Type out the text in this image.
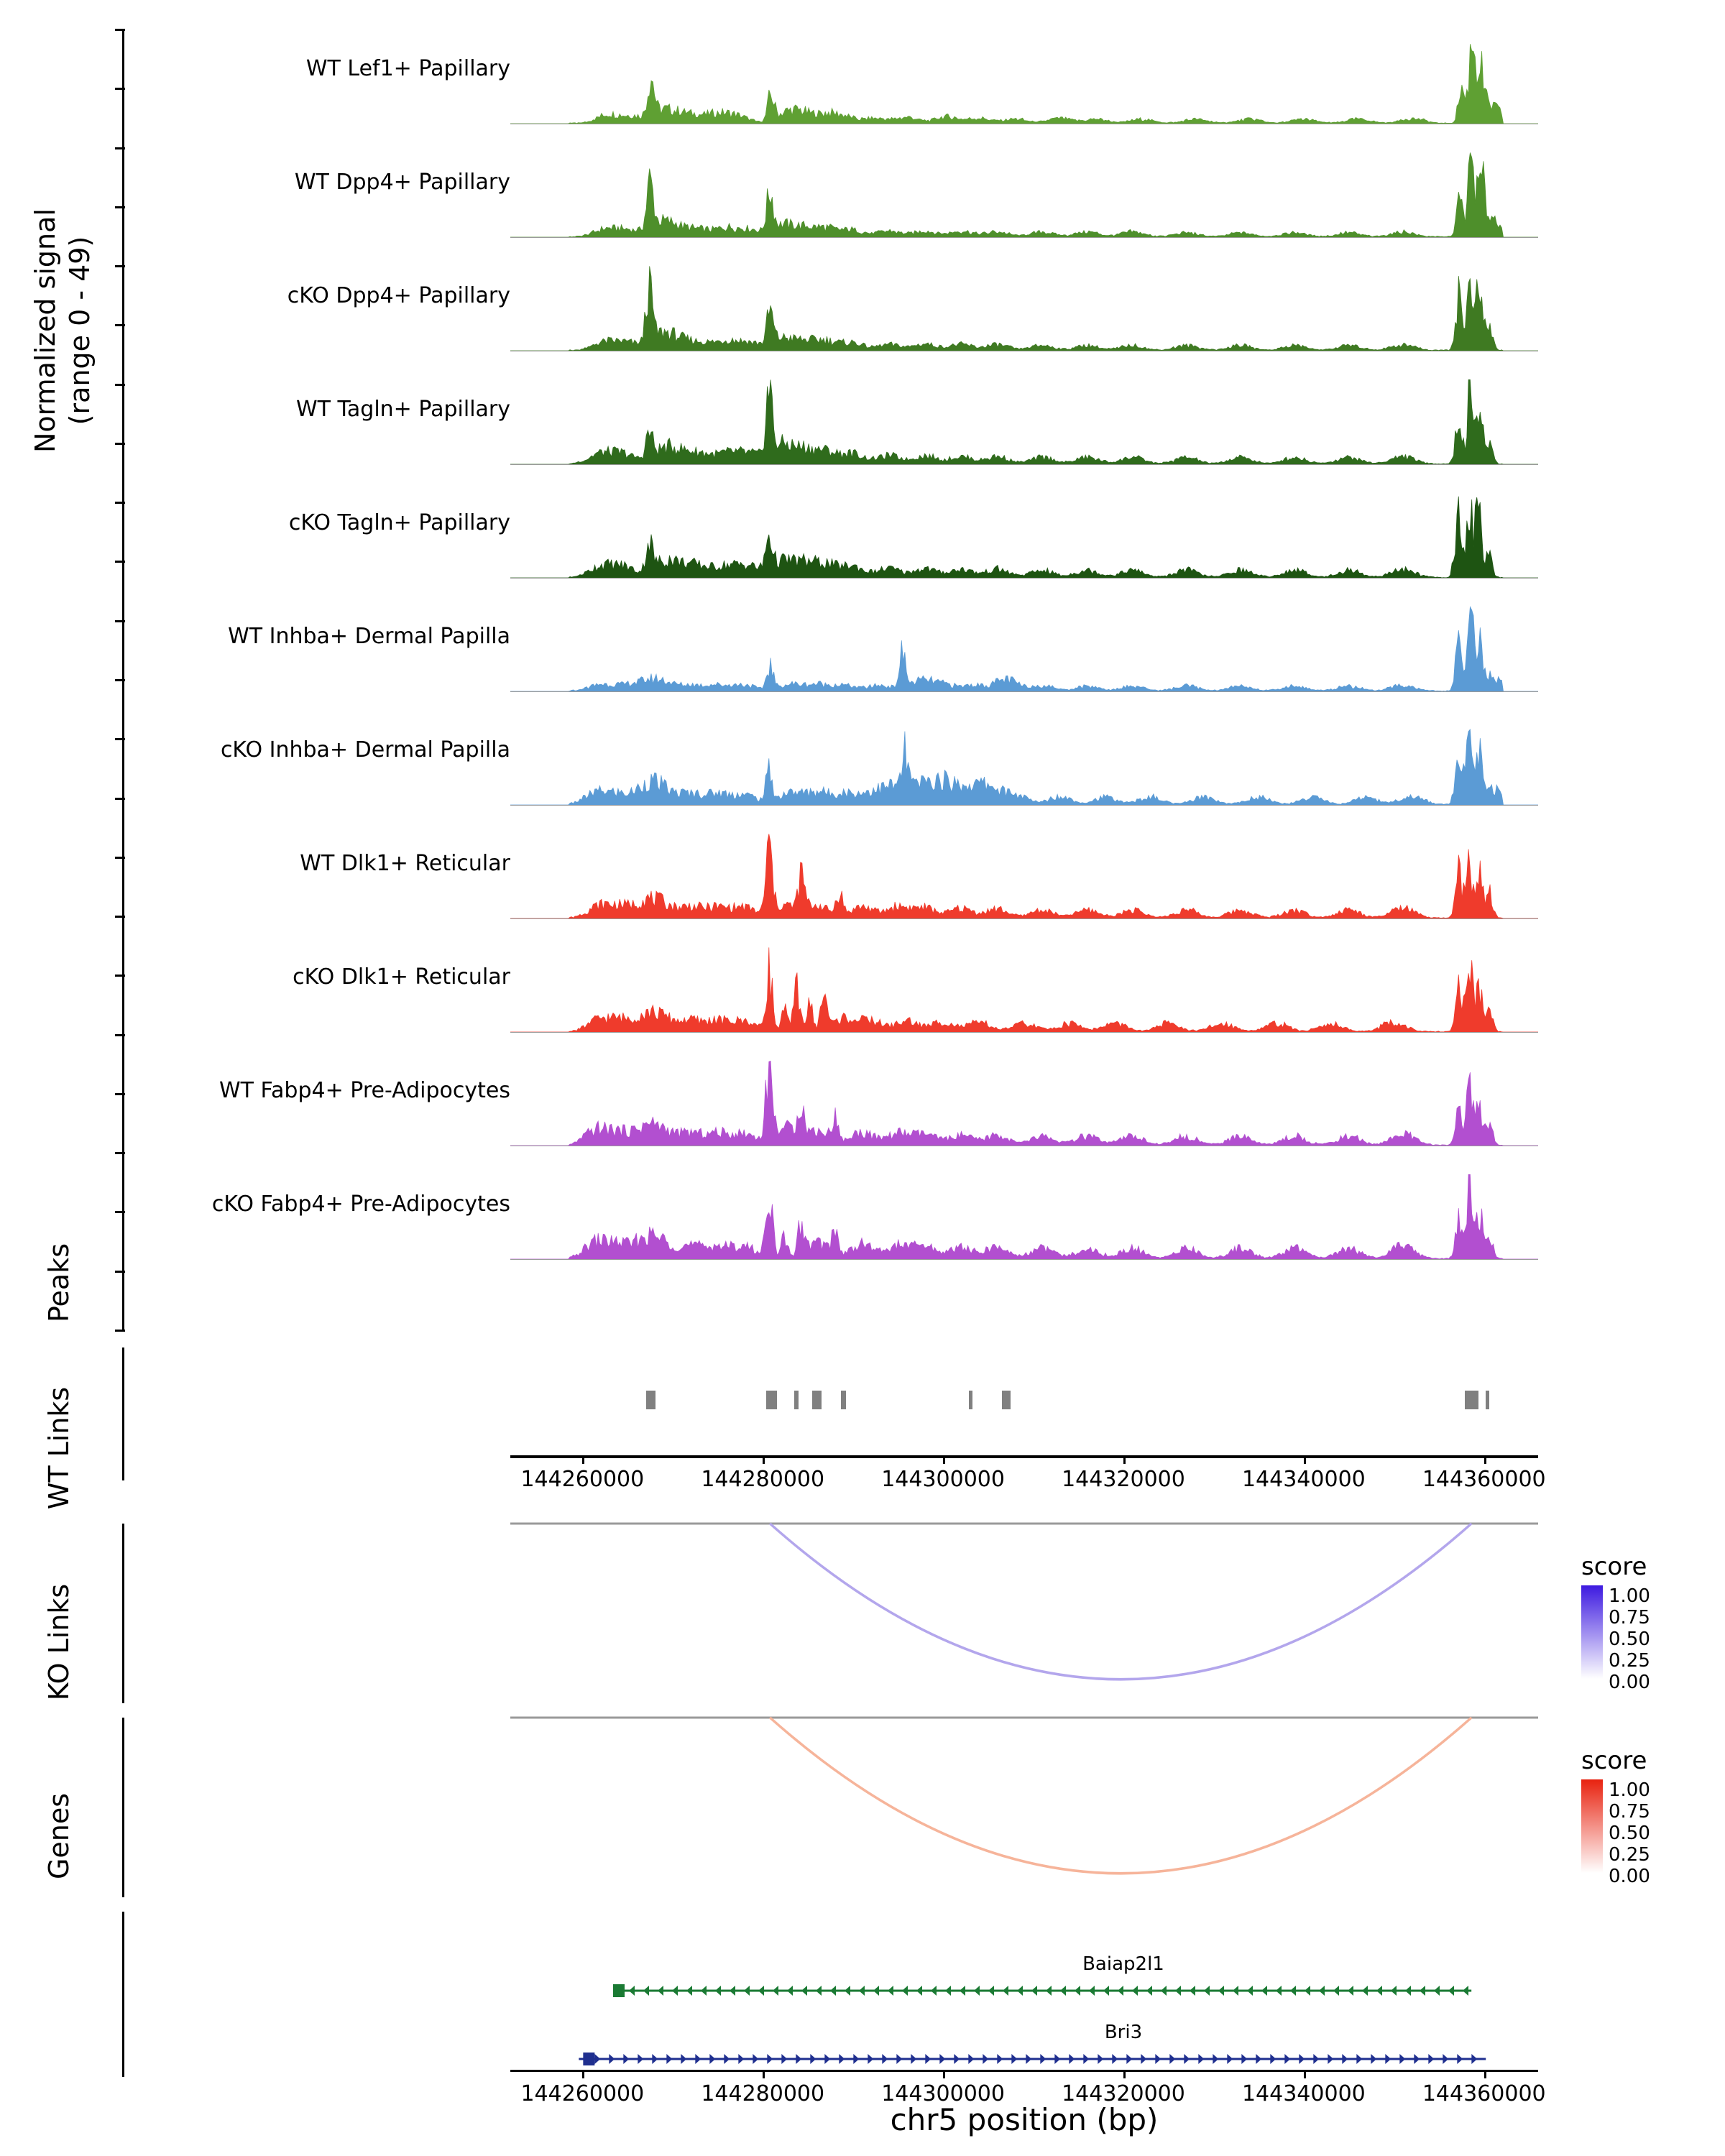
Normalized signal (range 0 - 49)
WT Lef1+ Papillary
WT Dpp4+ Papillary
cKO Dpp4+ Papillary
WT Tagln+ Papillary
cKO Tagln+ Papillary
WT Inhba+ Dermal Papilla
cKO Inhba+ Dermal Papilla
WT Dlk1+ Reticular
cKO Dlk1+ Reticular
WT Fabp4+ Pre-Adipocytes
cKO Fabp4+ Pre-Adipocytes
Peaks
144260000	144280000	144300000	144320000	144340000	144360000
WT Links
score
1.00
0.75
0.50
0.25
0.00
KO Links
score
1.00
0.75
0.50
0.25
0.00
Genes
Baiap2l1
Bri3
144260000	144280000	144300000	144320000	144340000	144360000
chr5 position (bp)
